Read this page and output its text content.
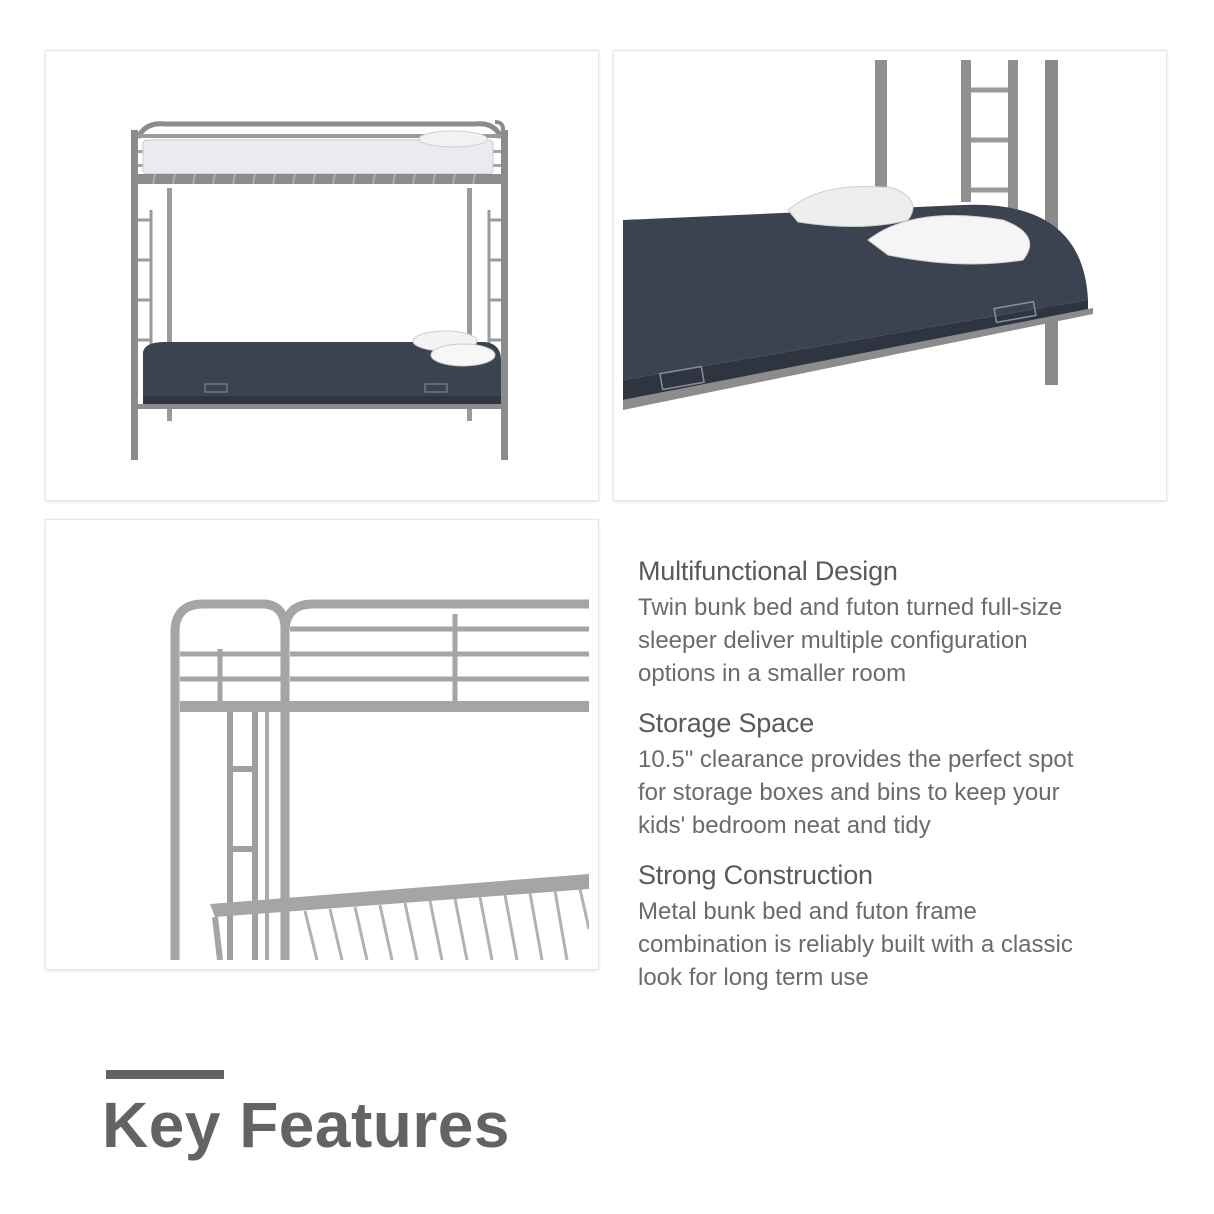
Multifunctional Design

Twin bunk bed and futon turned full-size
sleeper deliver multiple configuration
options in a smaller room

Storage Space

10.5" clearance provides the perfect spot
for storage boxes and bins to keep your
kids' bedroom neat and tidy

Strong Construction

Metal bunk bed and futon frame
combination is reliably built with a classic
look for long term use

Key Features
